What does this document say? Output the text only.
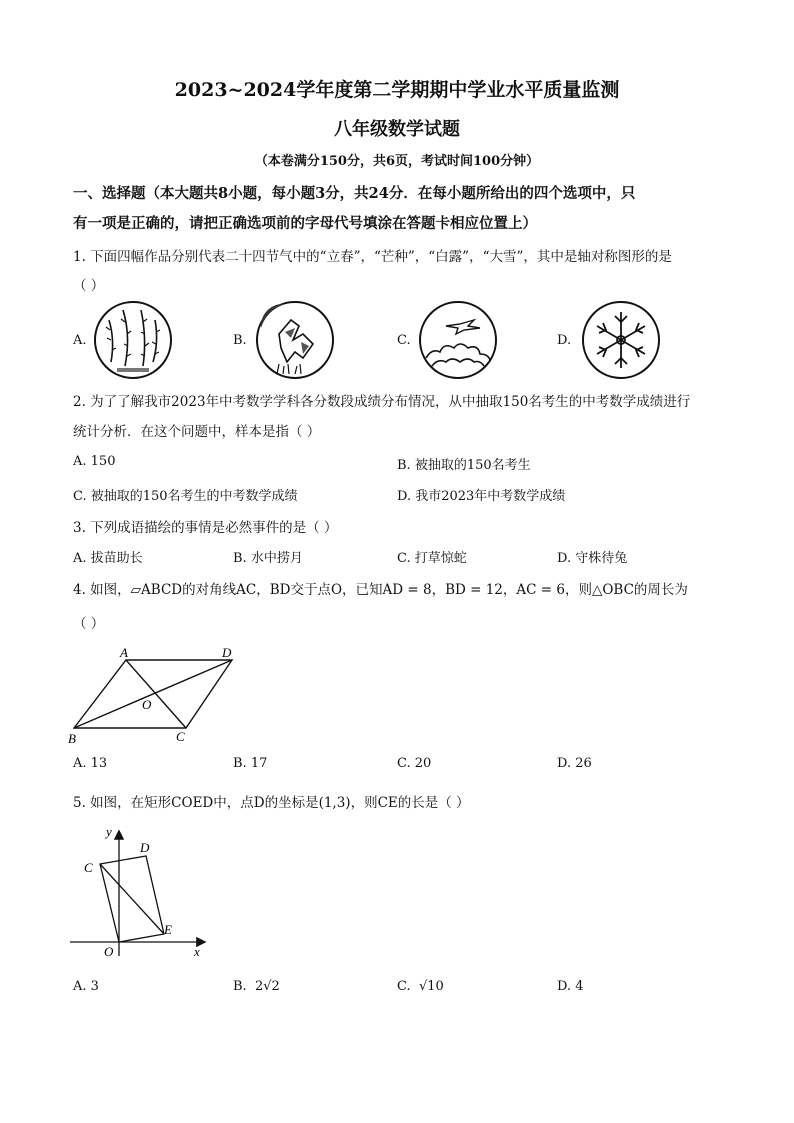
2023~2024学年度第二学期期中学业水平质量监测
八年级数学试题
（本卷满分150分，共6页，考试时间100分钟）
一、选择题（本大题共8小题，每小题3分，共24分．在每小题所给出的四个选项中，只
有一项是正确的，请把正确选项前的字母代号填涂在答题卡相应位置上）
1. 下面四幅作品分别代表二十四节气中的“立春”，“芒种”，“白露”，“大雪”，其中是轴对称图形的是
（ ）
A.	B.	C.	D.
2. 为了了解我市2023年中考数学学科各分数段成绩分布情况，从中抽取150名考生的中考数学成绩进行
统计分析．在这个问题中，样本是指（ ）
A. 150	B. 被抽取的150名考生
C. 被抽取的150名考生的中考数学成绩	D. 我市2023年中考数学成绩
3. 下列成语描绘的事情是必然事件的是（ ）
A. 拔苗助长	B. 水中捞月	C. 打草惊蛇	D. 守株待兔
4. 如图，▱ABCD的对角线AC，BD交于点O，已知AD = 8，BD = 12，AC = 6，则△OBC的周长为
（ ）
A	D
B	C
O
A. 13	B. 17	C. 20	D. 26
5. 如图，在矩形COED中，点D的坐标是(1,3)，则CE的长是（ ）
y
x
O
C
D
E
A. 3	B. 2√2	C. √10	D. 4
